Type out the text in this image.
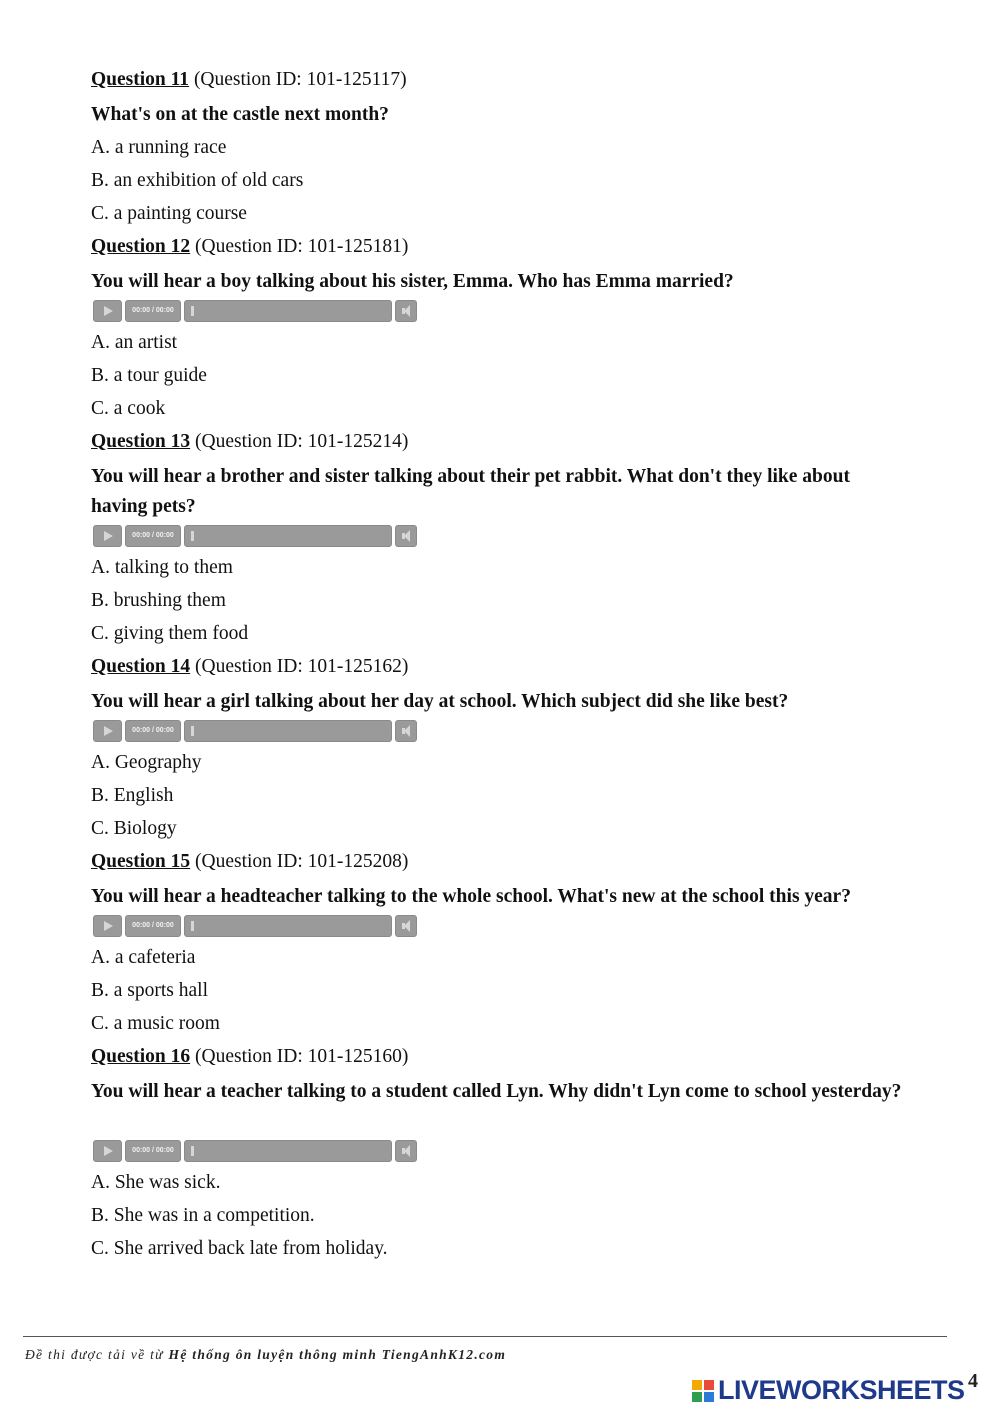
Question 11 (Question ID: 101-125117)
What's on at the castle next month?
A. a running race
B. an exhibition of old cars
C. a painting course
Question 12 (Question ID: 101-125181)
You will hear a boy talking about his sister, Emma. Who has Emma married?
00:00 / 00:00
A. an artist
B. a tour guide
C. a cook
Question 13 (Question ID: 101-125214)
You will hear a brother and sister talking about their pet rabbit. What don't they like about having pets?
00:00 / 00:00
A. talking to them
B. brushing them
C. giving them food
Question 14 (Question ID: 101-125162)
You will hear a girl talking about her day at school. Which subject did she like best?
00:00 / 00:00
A. Geography
B. English
C. Biology
Question 15 (Question ID: 101-125208)
You will hear a headteacher talking to the whole school. What's new at the school this year?
00:00 / 00:00
A. a cafeteria
B. a sports hall
C. a music room
Question 16 (Question ID: 101-125160)
You will hear a teacher talking to a student called Lyn. Why didn't Lyn come to school yesterday?
00:00 / 00:00
A. She was sick.
B. She was in a competition.
C. She arrived back late from holiday.
Đề thi được tải về từ Hệ thống ôn luyện thông minh TiengAnhK12.com
LIVEWORKSHEETS 4
